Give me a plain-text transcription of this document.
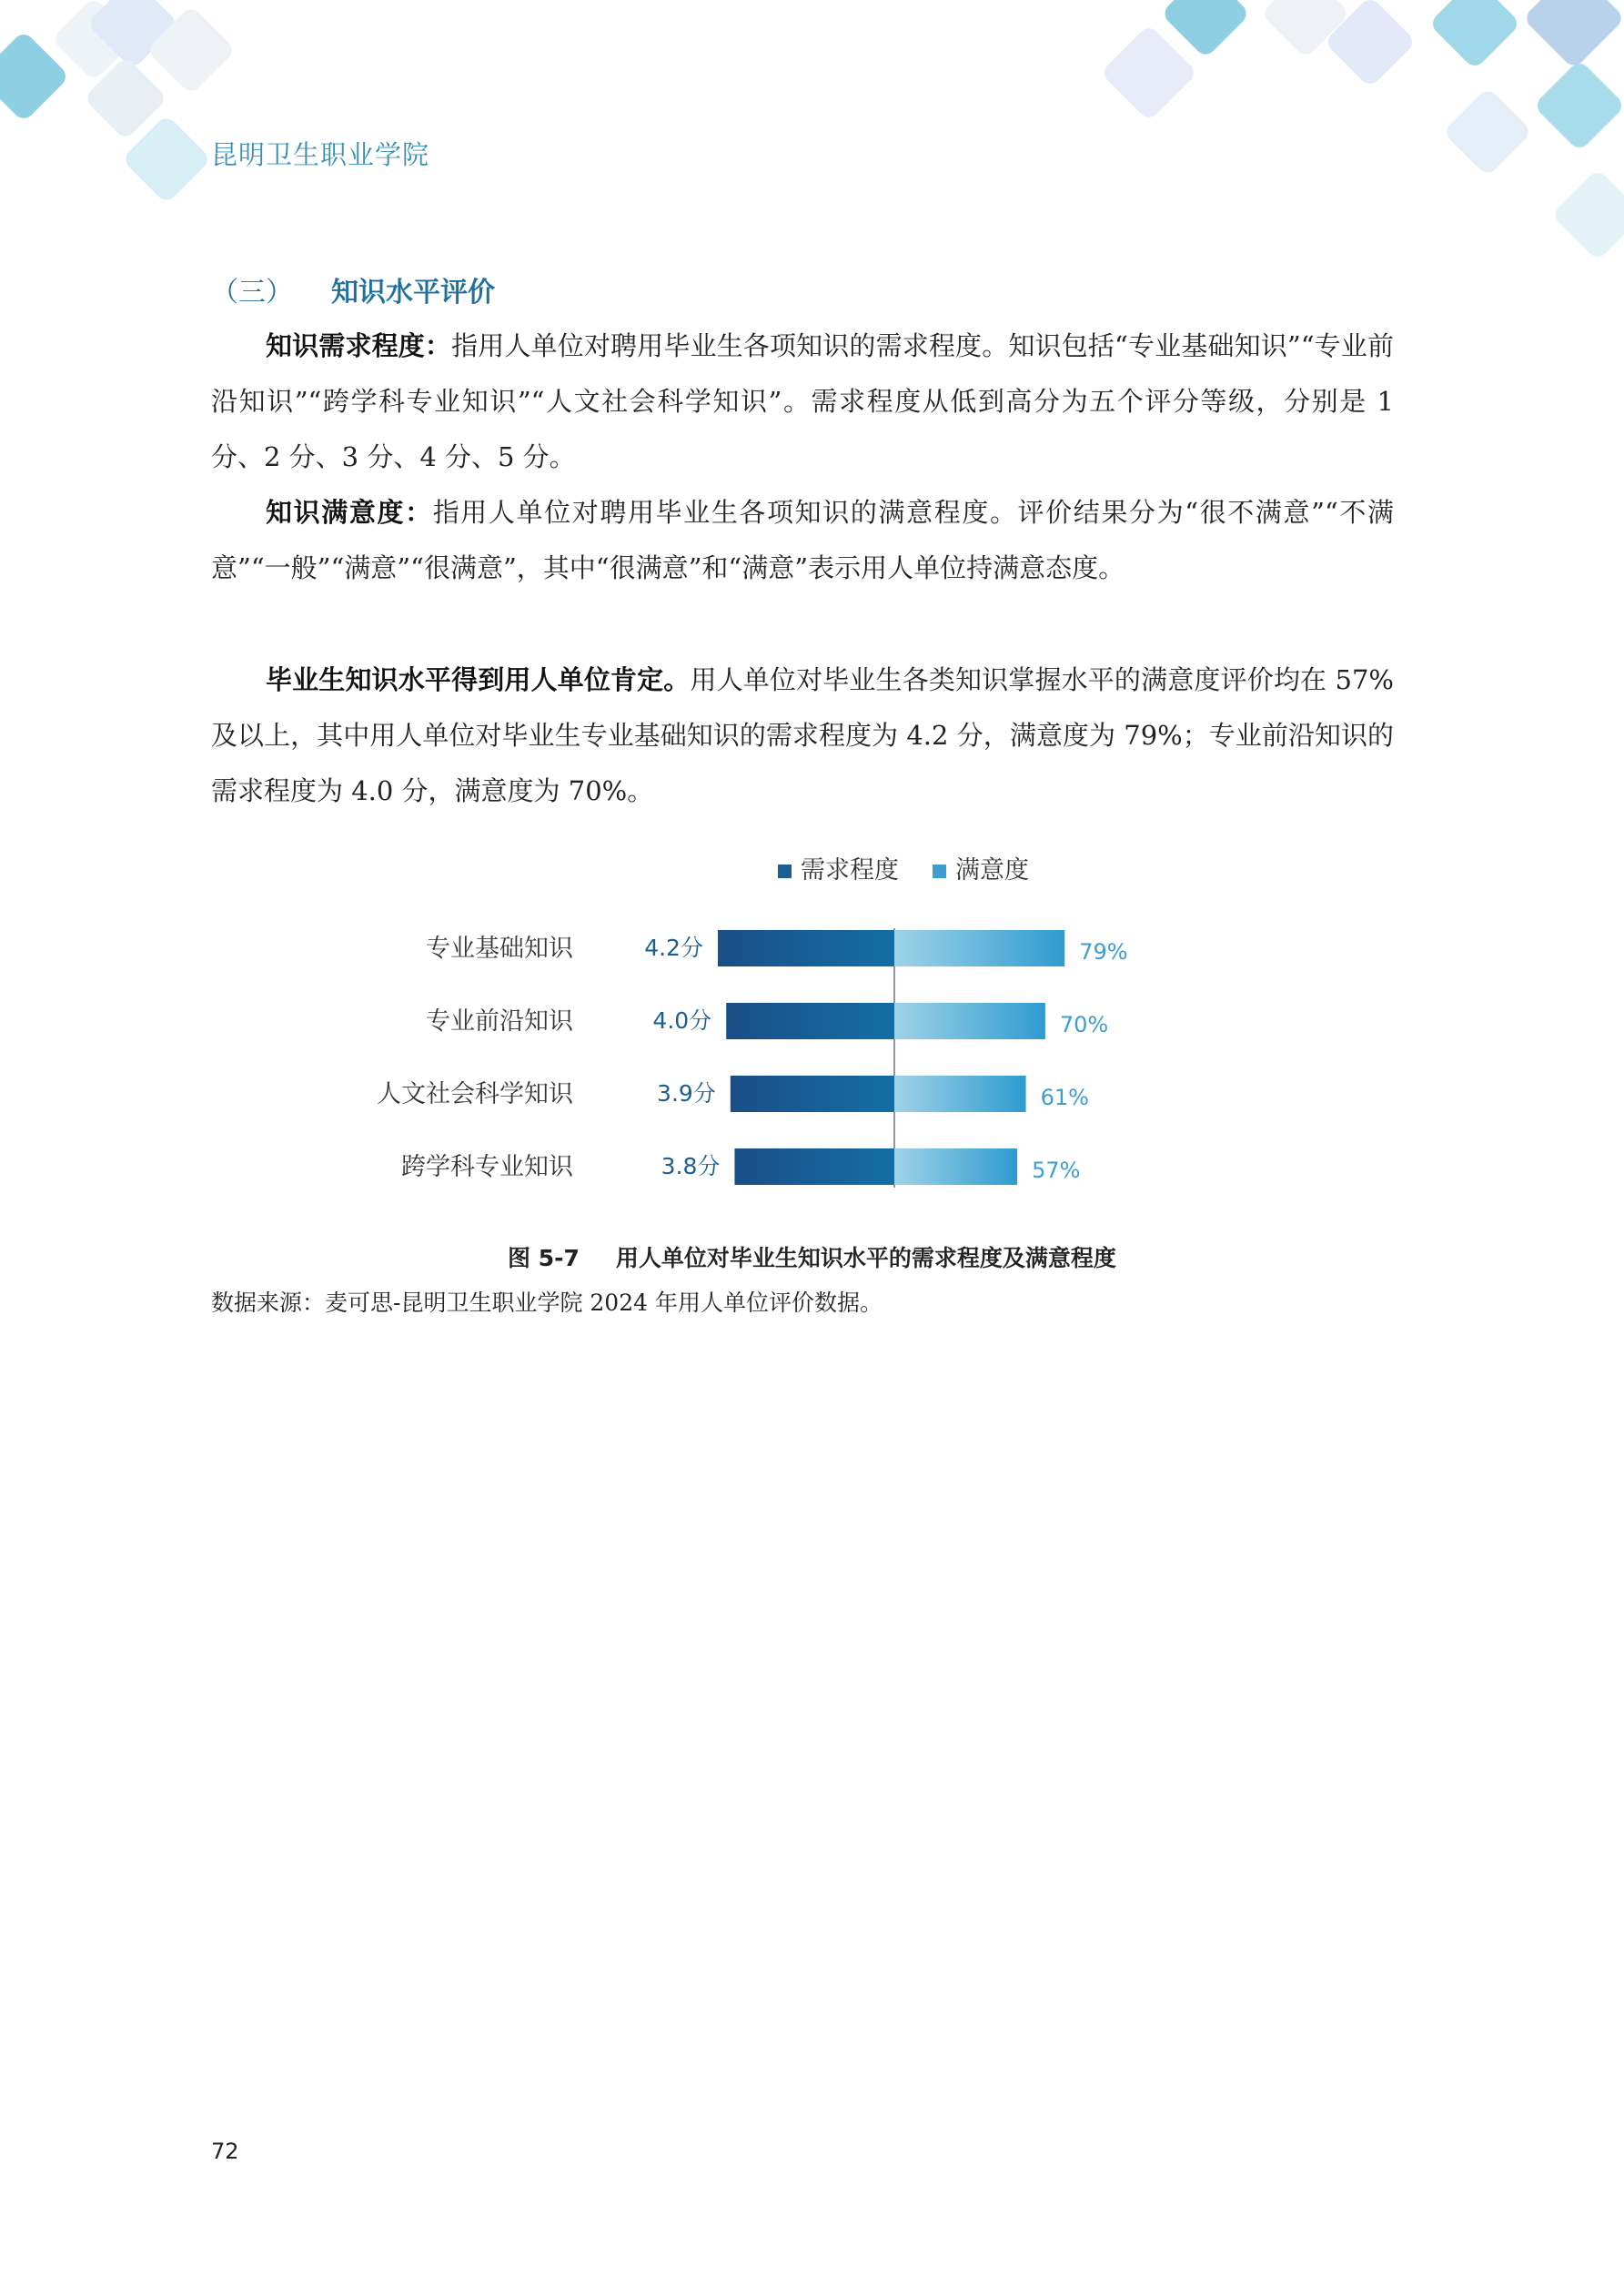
昆明卫生职业学院
（三） 知识水平评价

知识需求程度：指用人单位对聘用毕业生各项知识的需求程度。知识包括“专业基础知识”“专业前沿知识”“跨学科专业知识”“人文社会科学知识”。需求程度从低到高分为五个评分等级，分别是 1 分、2 分、3 分、4 分、5 分。

知识满意度：指用人单位对聘用毕业生各项知识的满意程度。评价结果分为“很不满意”“不满意”“一般”“满意”“很满意”，其中“很满意”和“满意”表示用人单位持满意态度。

毕业生知识水平得到用人单位肯定。用人单位对毕业生各类知识掌握水平的满意度评价均在 57%及以上，其中用人单位对毕业生专业基础知识的需求程度为 4.2 分，满意度为 79%；专业前沿知识的需求程度为 4.0 分，满意度为 70%。

需求程度 满意度
专业基础知识	4.2分	79%
专业前沿知识	4.0分	70%
人文社会科学知识	3.9分	61%
跨学科专业知识	3.8分	57%
图 5-7 用人单位对毕业生知识水平的需求程度及满意程度
数据来源：麦可思-昆明卫生职业学院 2024 年用人单位评价数据。
72
